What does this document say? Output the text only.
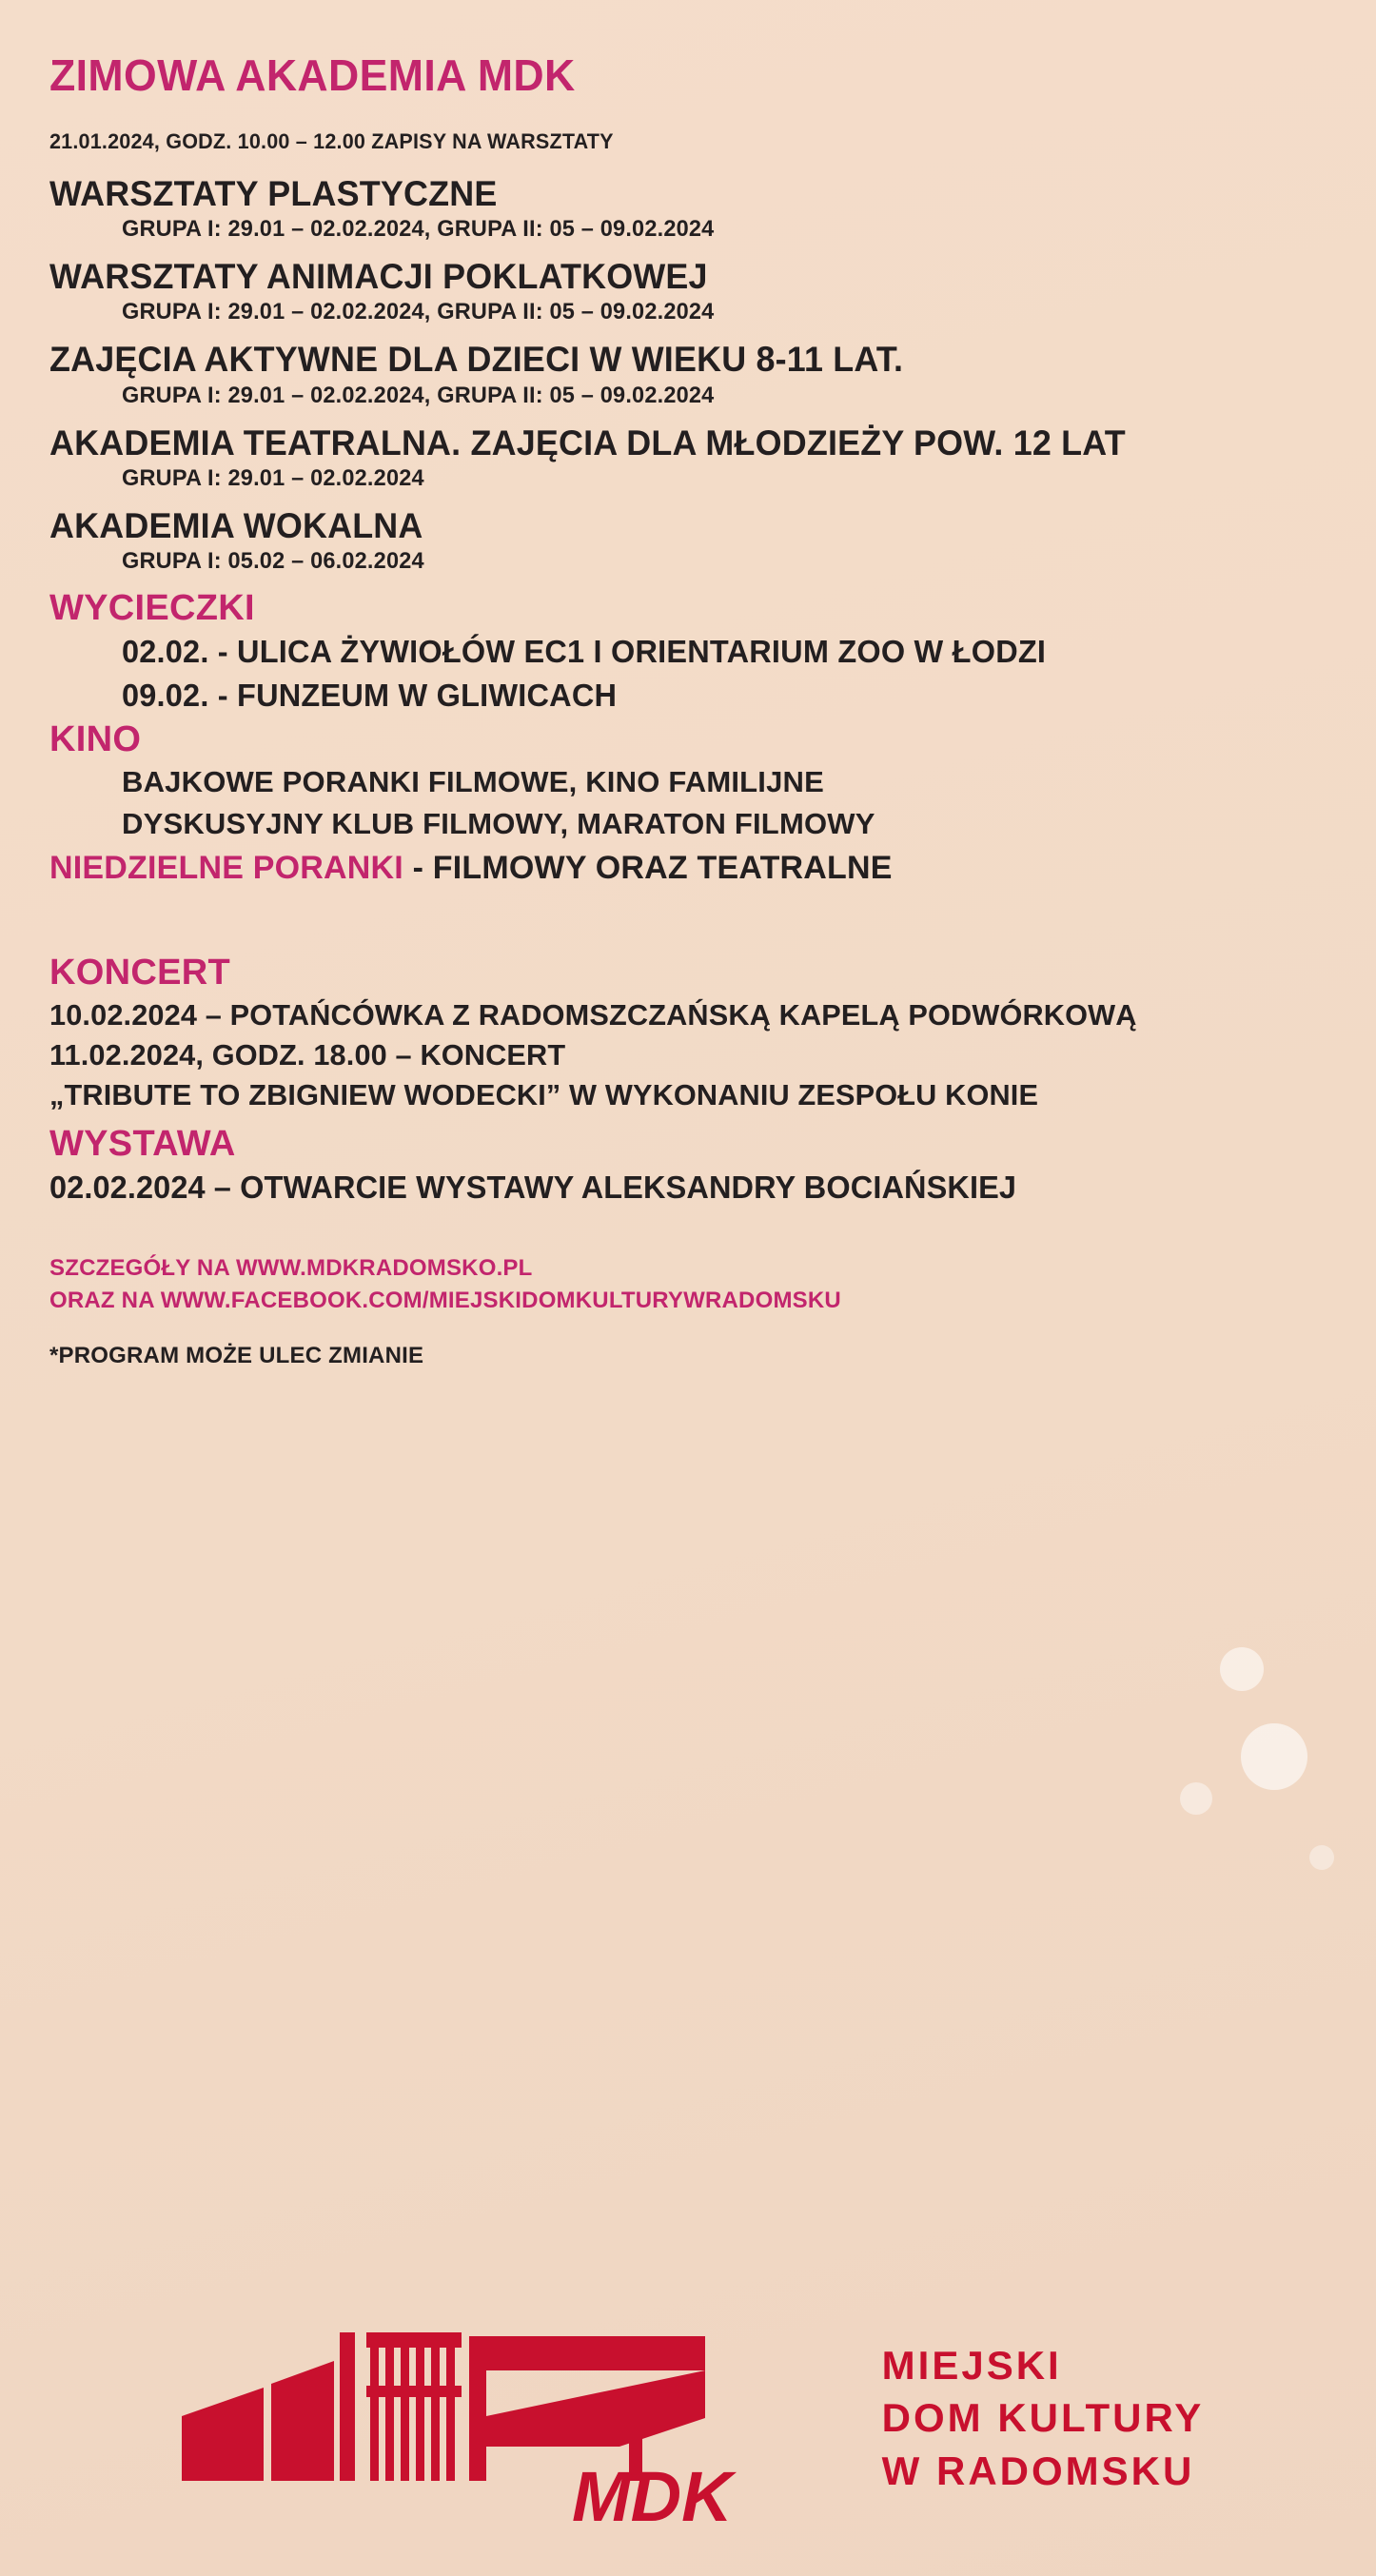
ZIMOWA AKADEMIA MDK

21.01.2024, GODZ. 10.00 – 12.00 ZAPISY NA WARSZTATY

WARSZTATY PLASTYCZNE
GRUPA I: 29.01 – 02.02.2024, GRUPA II: 05 – 09.02.2024
WARSZTATY ANIMACJI POKLATKOWEJ
GRUPA I: 29.01 – 02.02.2024, GRUPA II: 05 – 09.02.2024
ZAJĘCIA AKTYWNE DLA DZIECI W WIEKU 8-11 LAT.
GRUPA I: 29.01 – 02.02.2024, GRUPA II: 05 – 09.02.2024
AKADEMIA TEATRALNA. ZAJĘCIA DLA MŁODZIEŻY POW. 12 LAT
GRUPA I: 29.01 – 02.02.2024
AKADEMIA WOKALNA
GRUPA I: 05.02 – 06.02.2024
WYCIECZKI
02.02. - ULICA ŻYWIOŁÓW EC1 I ORIENTARIUM ZOO W ŁODZI
09.02. - FUNZEUM W GLIWICACH
KINO
BAJKOWE PORANKI FILMOWE, KINO FAMILIJNE
DYSKUSYJNY KLUB FILMOWY, MARATON FILMOWY
NIEDZIELNE PORANKI - FILMOWY ORAZ TEATRALNE
KONCERT
10.02.2024 – POTAŃCÓWKA Z RADOMSZCZAŃSKĄ KAPELĄ PODWÓRKOWĄ
11.02.2024, GODZ. 18.00 – KONCERT
„TRIBUTE TO ZBIGNIEW WODECKI” W WYKONANIU ZESPOŁU KONIE
WYSTAWA
02.02.2024 – OTWARCIE WYSTAWY ALEKSANDRY BOCIAŃSKIEJ
SZCZEGÓŁY NA WWW.MDKRADOMSKO.PL
ORAZ NA WWW.FACEBOOK.COM/MIEJSKIDOMKULTURYWRADOMSKU
*PROGRAM MOŻE ULEC ZMIANIE
MDK
MIEJSKI
DOM KULTURY
W RADOMSKU
